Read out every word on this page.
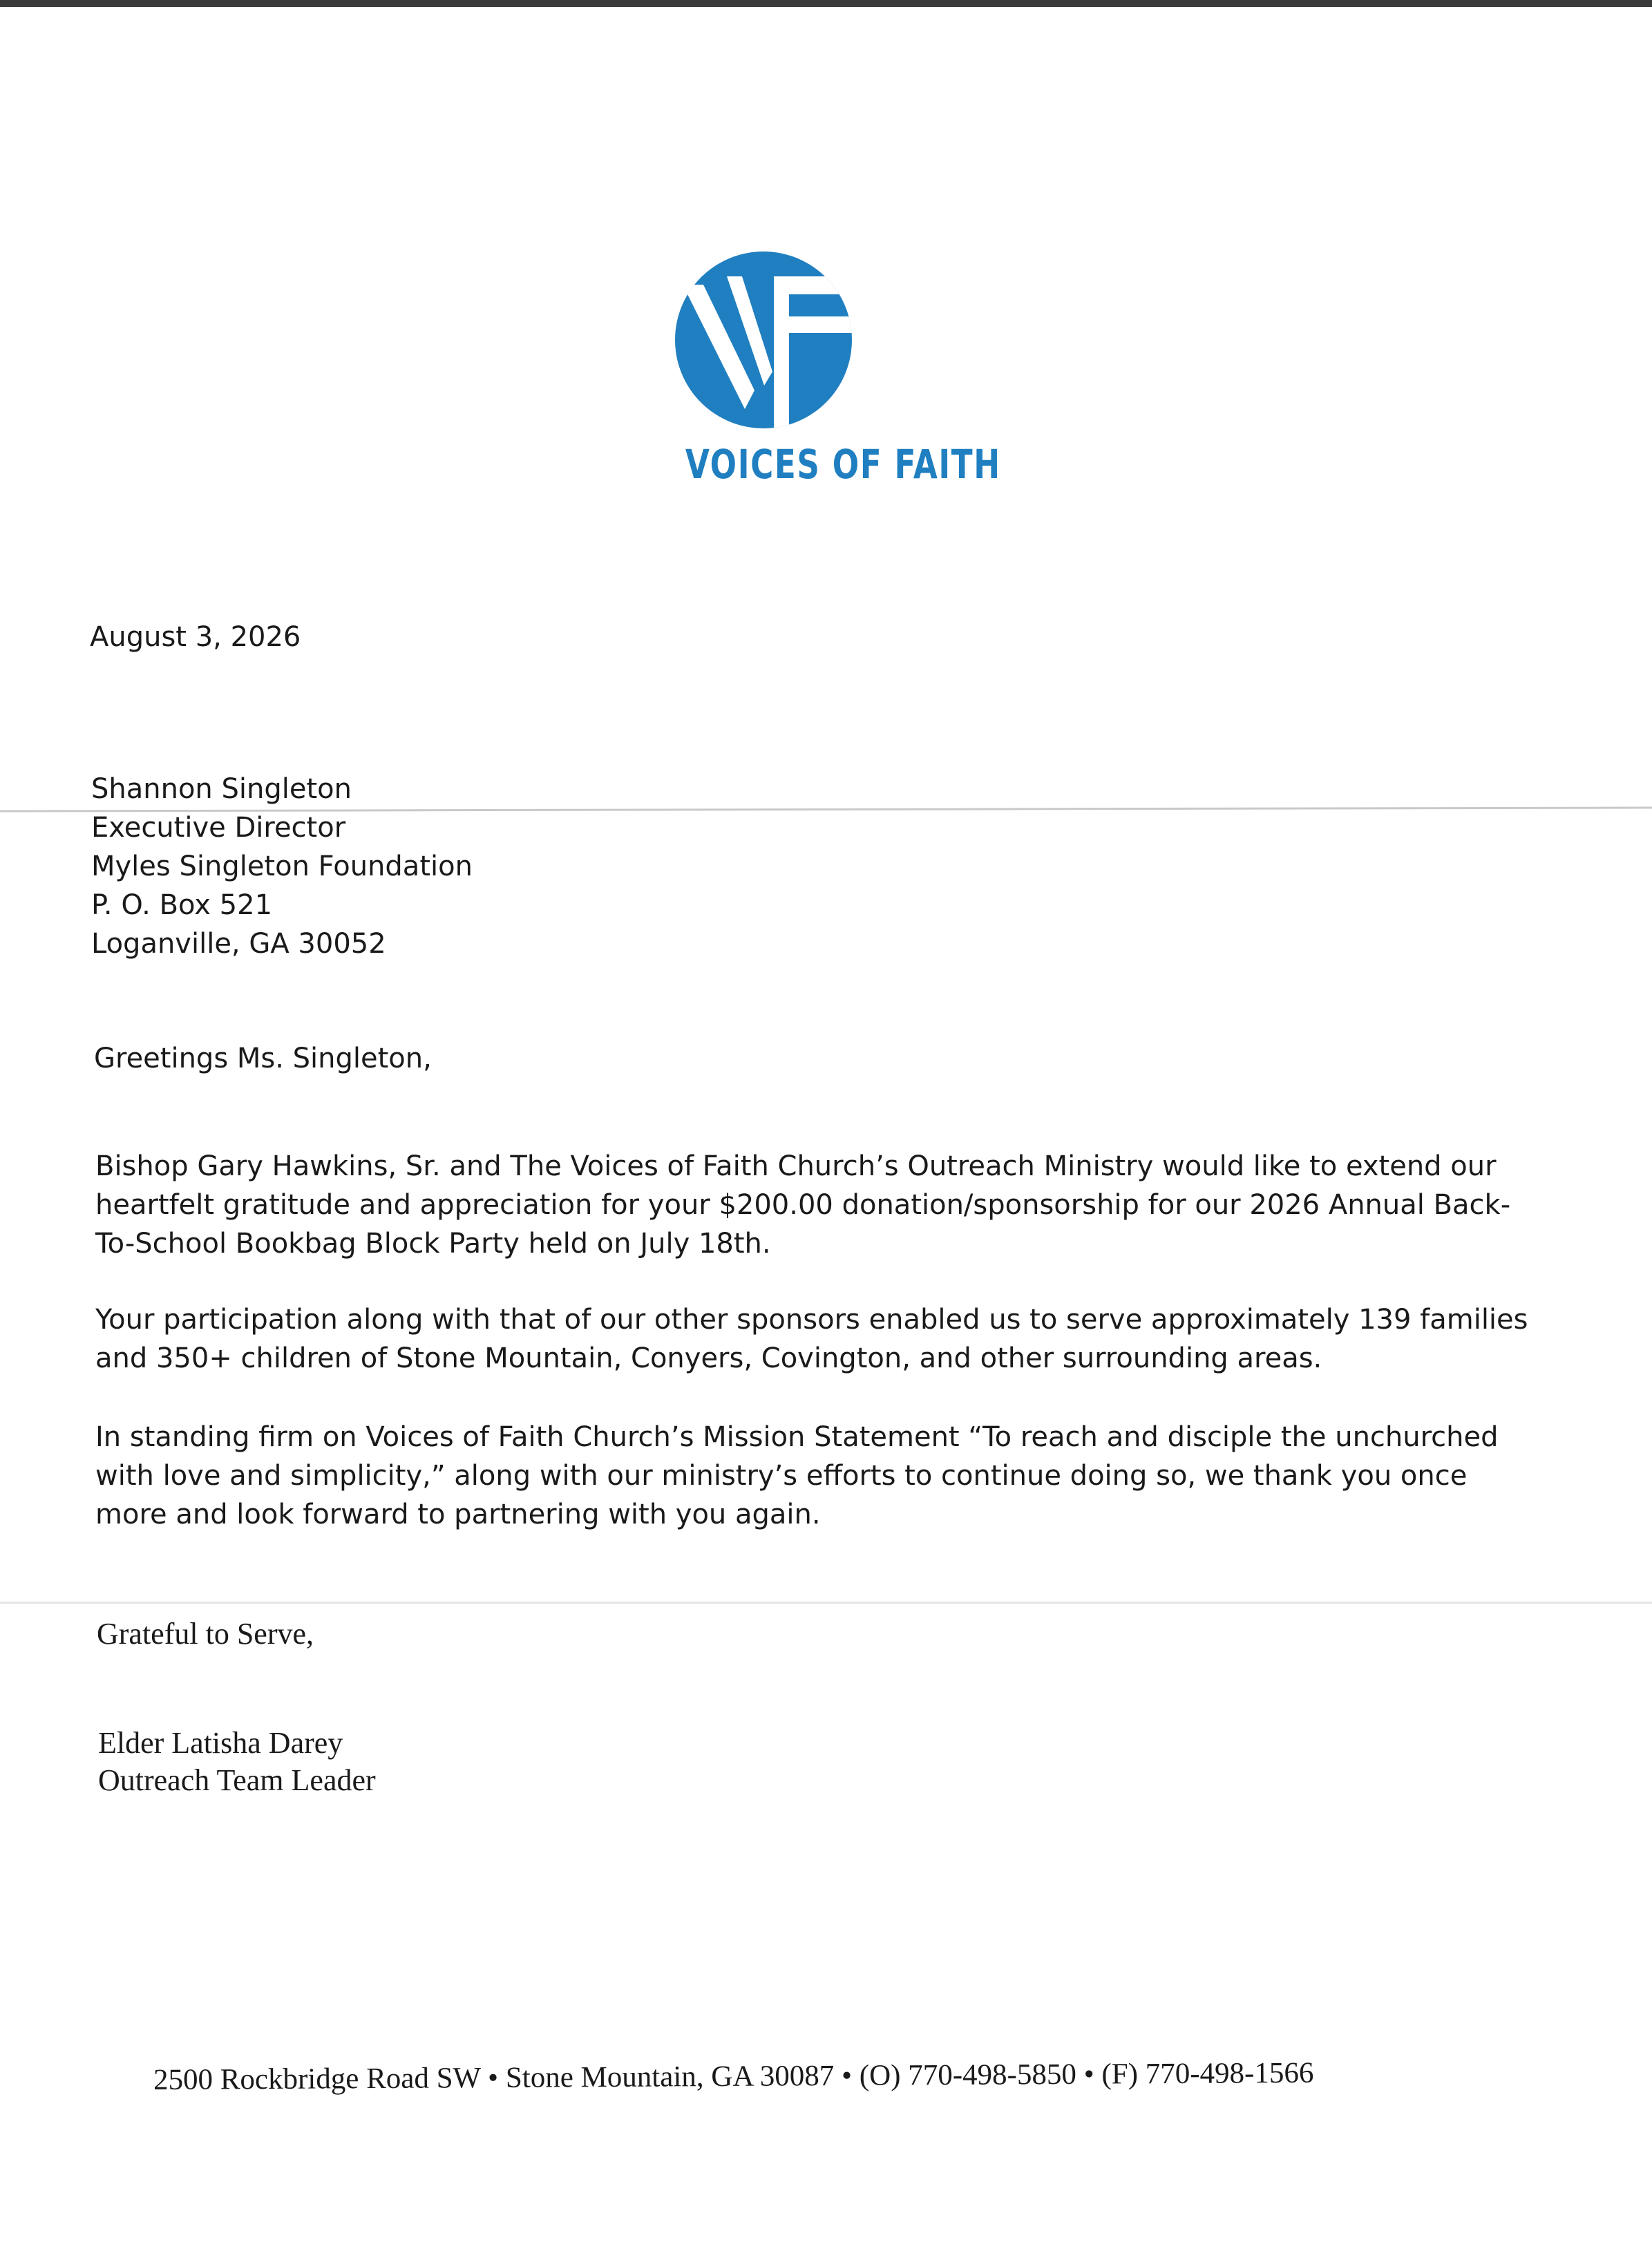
VOICES OF FAITH
August 3, 2026
Shannon Singleton
Executive Director
Myles Singleton Foundation
P. O. Box 521
Loganville, GA 30052
Greetings Ms. Singleton,
Bishop Gary Hawkins, Sr. and The Voices of Faith Church’s Outreach Ministry would like to extend our
heartfelt gratitude and appreciation for your $200.00 donation/sponsorship for our 2026 Annual Back-
To-School Bookbag Block Party held on July 18th.
Your participation along with that of our other sponsors enabled us to serve approximately 139 families
and 350+ children of Stone Mountain, Conyers, Covington, and other surrounding areas.
In standing firm on Voices of Faith Church’s Mission Statement “To reach and disciple the unchurched
with love and simplicity,” along with our ministry’s efforts to continue doing so, we thank you once
more and look forward to partnering with you again.
Grateful to Serve,
Elder Latisha Darey
Outreach Team Leader
2500 Rockbridge Road SW • Stone Mountain, GA 30087 • (O) 770-498-5850 • (F) 770-498-1566
